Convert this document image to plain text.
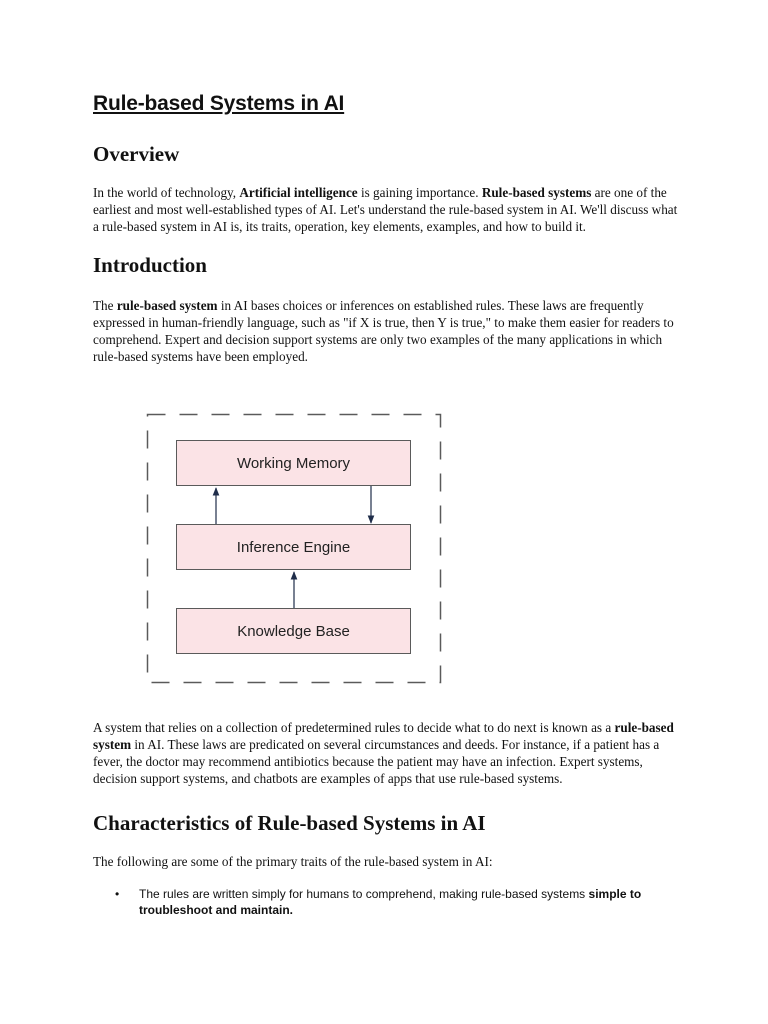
Rule-based Systems in AI
Overview

In the world of technology, Artificial intelligence is gaining importance. Rule-based systems are one of the earliest and most well-established types of AI. Let's understand the rule-based system in AI. We'll discuss what a rule-based system in AI is, its traits, operation, key elements, examples, and how to build it.

Introduction

The rule-based system in AI bases choices or inferences on established rules. These laws are frequently expressed in human-friendly language, such as "if X is true, then Y is true," to make them easier for readers to comprehend. Expert and decision support systems are only two examples of the many applications in which rule-based systems have been employed.

Working Memory
Inference Engine
Knowledge Base

A system that relies on a collection of predetermined rules to decide what to do next is known as a rule-based system in AI. These laws are predicated on several circumstances and deeds. For instance, if a patient has a fever, the doctor may recommend antibiotics because the patient may have an infection. Expert systems, decision support systems, and chatbots are examples of apps that use rule-based systems.

Characteristics of Rule-based Systems in AI

The following are some of the primary traits of the rule-based system in AI:

• The rules are written simply for humans to comprehend, making rule-based systems simple to troubleshoot and maintain.
